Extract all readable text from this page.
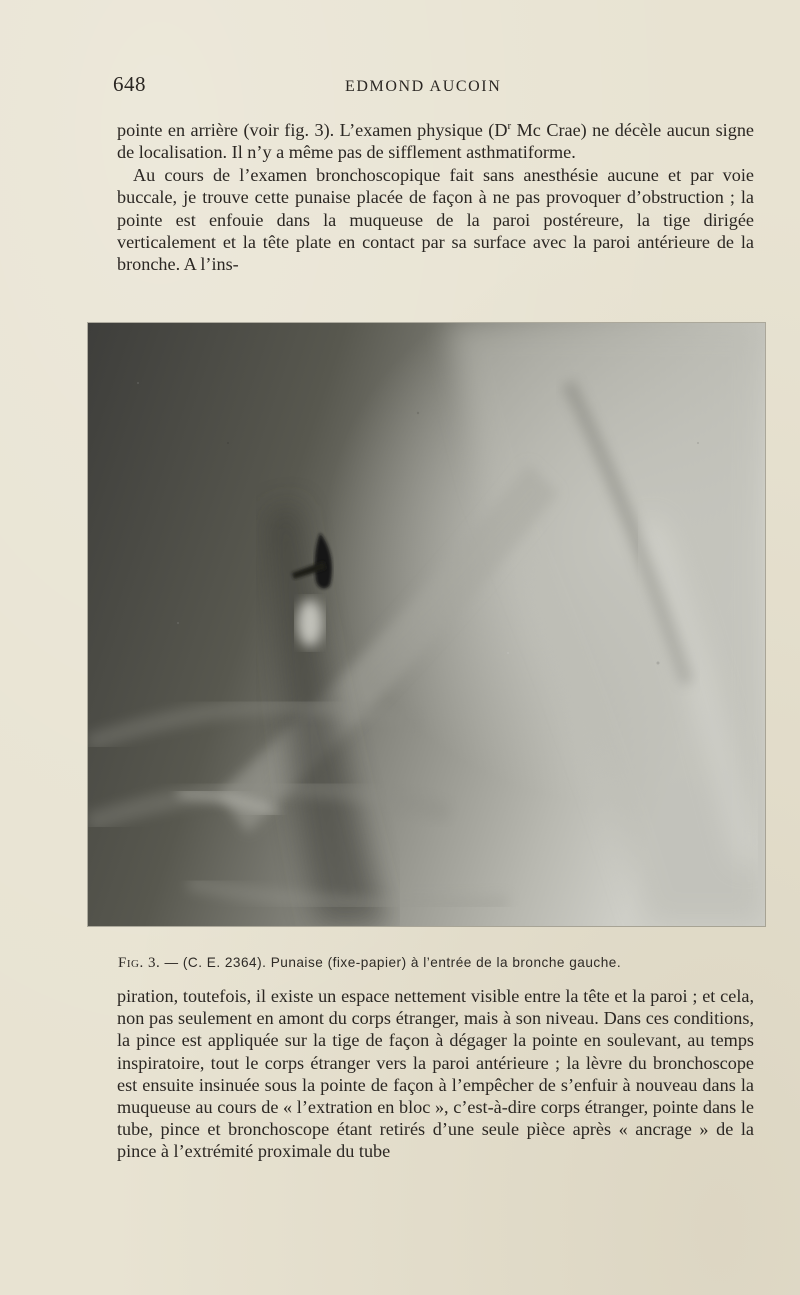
648	EDMOND AUCOIN

pointe en arrière (voir fig. 3). L’examen physique ($D^r$ Mc Crae) ne décèle aucun signe de localisation. Il n’y a même pas de sifflement asthmatiforme.

Au cours de l’examen bronchoscopique fait sans anesthésie aucune et par voie buccale, je trouve cette punaise placée de façon à ne pas provoquer d’obstruction ; la pointe est enfouie dans la muqueuse de la paroi postéreure, la tige dirigée verticalement et la tête plate en contact par sa surface avec la paroi antérieure de la bronche. A l’ins-

Fig. 3. — (C. E. 2364). Punaise (fixe-papier) à l’entrée de la bronche gauche.

piration, toutefois, il existe un espace nettement visible entre la tête et la paroi ; et cela, non pas seulement en amont du corps étranger, mais à son niveau. Dans ces conditions, la pince est appliquée sur la tige de façon à dégager la pointe en soulevant, au temps inspiratoire, tout le corps étranger vers la paroi antérieure ; la lèvre du bronchoscope est ensuite insinuée sous la pointe de façon à l’empêcher de s’enfuir à nouveau dans la muqueuse au cours de « l’extration en bloc », c’est-à-dire corps étranger, pointe dans le tube, pince et bronchoscope étant retirés d’une seule pièce après « ancrage » de la pince à l’extrémité proximale du tube
